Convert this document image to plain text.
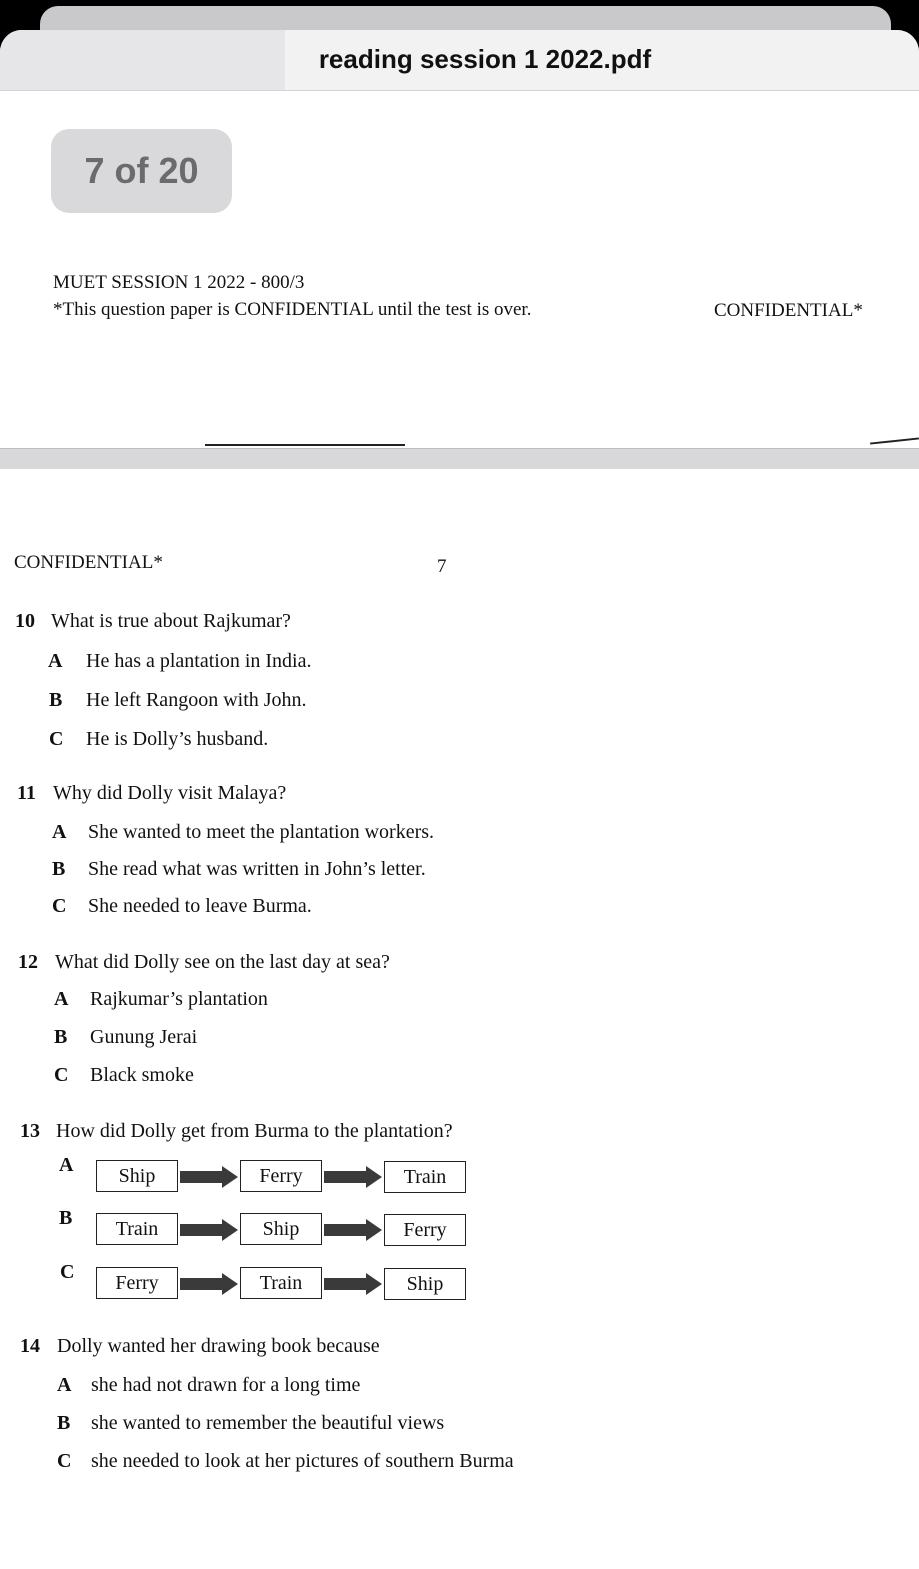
reading session 1 2022.pdf
7 of 20
MUET SESSION 1 2022 - 800/3
*This question paper is CONFIDENTIAL until the test is over.	CONFIDENTIAL*
CONFIDENTIAL*	7
10 What is true about Rajkumar?
A He has a plantation in India.
B He left Rangoon with John.
C He is Dolly’s husband.
11 Why did Dolly visit Malaya?
A She wanted to meet the plantation workers.
B She read what was written in John’s letter.
C She needed to leave Burma.
12 What did Dolly see on the last day at sea?
A Rajkumar’s plantation
B Gunung Jerai
C Black smoke
13 How did Dolly get from Burma to the plantation?
A	Ship	Ferry	Train
B	Train	Ship	Ferry
C	Ferry	Train	Ship
14 Dolly wanted her drawing book because
A she had not drawn for a long time
B she wanted to remember the beautiful views
C she needed to look at her pictures of southern Burma
